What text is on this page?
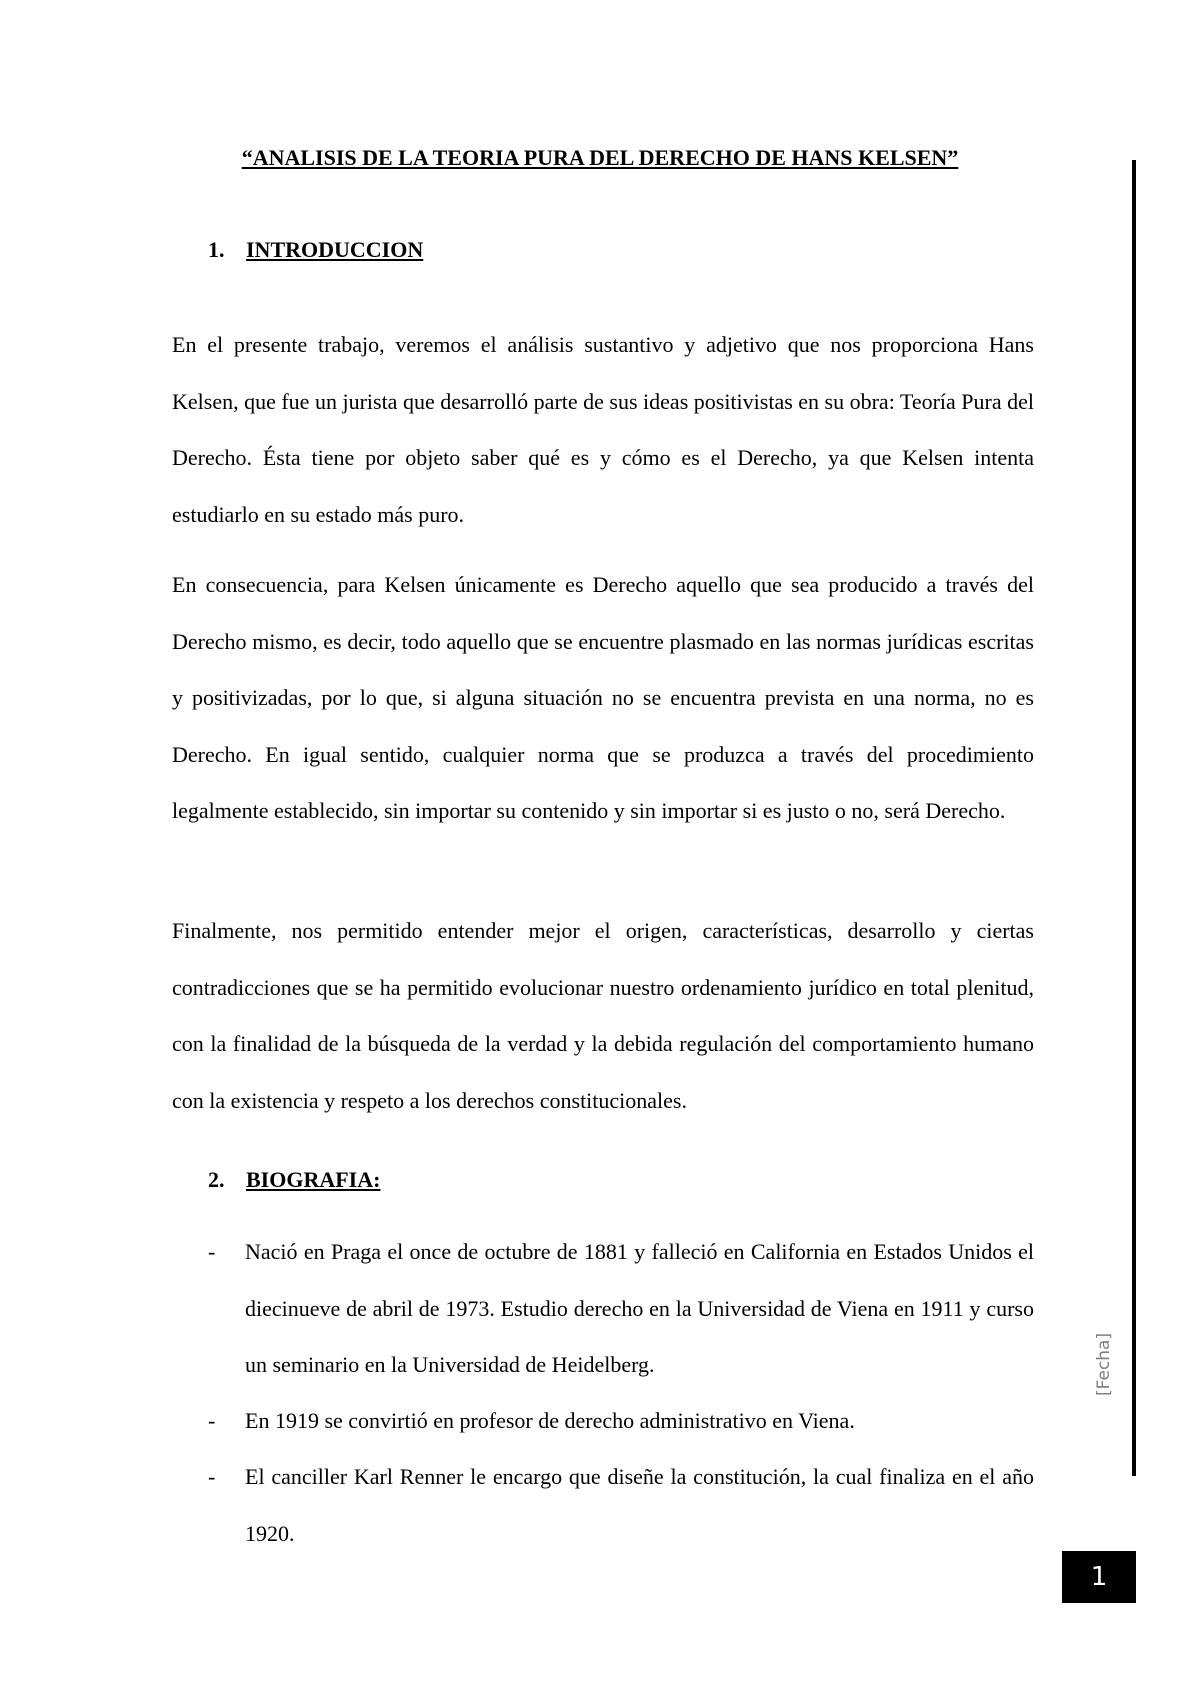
“ANALISIS DE LA TEORIA PURA DEL DERECHO DE HANS KELSEN”
1. INTRODUCCION

En el presente trabajo, veremos el análisis sustantivo y adjetivo que nos proporciona Hans Kelsen, que fue un jurista que desarrolló parte de sus ideas positivistas en su obra: Teoría Pura del Derecho. Ésta tiene por objeto saber qué es y cómo es el Derecho, ya que Kelsen intenta estudiarlo en su estado más puro.

En consecuencia, para Kelsen únicamente es Derecho aquello que sea producido a través del Derecho mismo, es decir, todo aquello que se encuentre plasmado en las normas jurídicas escritas y positivizadas, por lo que, si alguna situación no se encuentra prevista en una norma, no es Derecho. En igual sentido, cualquier norma que se produzca a través del procedimiento legalmente establecido, sin importar su contenido y sin importar si es justo o no, será Derecho.

Finalmente, nos permitido entender mejor el origen, características, desarrollo y ciertas contradicciones que se ha permitido evolucionar nuestro ordenamiento jurídico en total plenitud, con la finalidad de la búsqueda de la verdad y la debida regulación del comportamiento humano con la existencia y respeto a los derechos constitucionales.

2. BIOGRAFIA:
- Nació en Praga el once de octubre de 1881 y falleció en California en Estados Unidos el diecinueve de abril de 1973. Estudio derecho en la Universidad de Viena en 1911 y curso un seminario en la Universidad de Heidelberg.
- En 1919 se convirtió en profesor de derecho administrativo en Viena.
- El canciller Karl Renner le encargo que diseñe la constitución, la cual finaliza en el año 1920.
[Fecha]
1
